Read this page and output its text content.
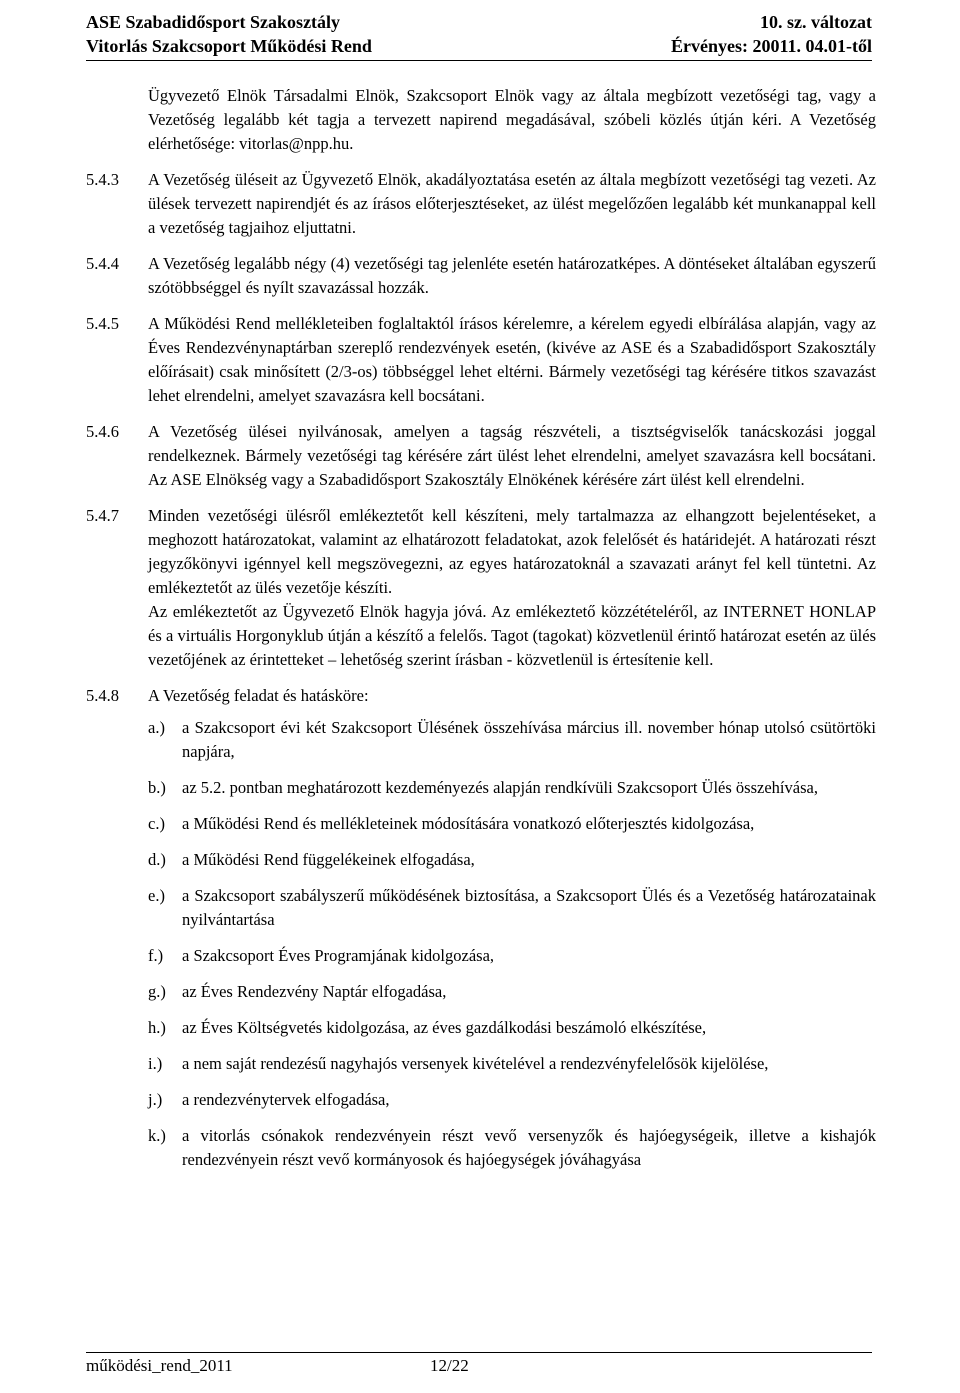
ASE Szabadidősport Szakosztály	10. sz. változat
Vitorlás Szakcsoport Működési Rend	Érvényes: 20011. 04.01-től

Ügyvezető Elnök Társadalmi Elnök, Szakcsoport Elnök vagy az általa megbízott vezetőségi tag, vagy a Vezetőség legalább két tagja a tervezett napirend megadásával, szóbeli közlés útján kéri. A Vezetőség elérhetősége: vitorlas@npp.hu.

5.4.3 A Vezetőség üléseit az Ügyvezető Elnök, akadályoztatása esetén az általa megbízott vezetőségi tag vezeti. Az ülések tervezett napirendjét és az írásos előterjesztéseket, az ülést megelőzően legalább két munkanappal kell a vezetőség tagjaihoz eljuttatni.
5.4.4 A Vezetőség legalább négy (4) vezetőségi tag jelenléte esetén határozatképes. A döntéseket általában egyszerű szótöbbséggel és nyílt szavazással hozzák.
5.4.5 A Működési Rend mellékleteiben foglaltaktól írásos kérelemre, a kérelem egyedi elbírálása alapján, vagy az Éves Rendezvénynaptárban szereplő rendezvények esetén, (kivéve az ASE és a Szabadidősport Szakosztály előírásait) csak minősített (2/3-os) többséggel lehet eltérni. Bármely vezetőségi tag kérésére titkos szavazást lehet elrendelni, amelyet szavazásra kell bocsátani.
5.4.6 A Vezetőség ülései nyilvánosak, amelyen a tagság részvételi, a tisztségviselők tanácskozási joggal rendelkeznek. Bármely vezetőségi tag kérésére zárt ülést lehet elrendelni, amelyet szavazásra kell bocsátani. Az ASE Elnökség vagy a Szabadidősport Szakosztály Elnökének kérésére zárt ülést kell elrendelni.
5.4.7 Minden vezetőségi ülésről emlékeztetőt kell készíteni, mely tartalmazza az elhangzott bejelentéseket, a meghozott határozatokat, valamint az elhatározott feladatokat, azok felelősét és határidejét. A határozati részt jegyzőkönyvi igénnyel kell megszövegezni, az egyes határozatoknál a szavazati arányt fel kell tüntetni. Az emlékeztetőt az ülés vezetője készíti.
Az emlékeztetőt az Ügyvezető Elnök hagyja jóvá. Az emlékeztető közzétételéről, az INTERNET HONLAP és a virtuális Horgonyklub útján a készítő a felelős. Tagot (tagokat) közvetlenül érintő határozat esetén az ülés vezetőjének az érintetteket – lehetőség szerint írásban - közvetlenül is értesítenie kell.
5.4.8 A Vezetőség feladat és hatásköre:
a.) a Szakcsoport évi két Szakcsoport Ülésének összehívása március ill. november hónap utolsó csütörtöki napjára,
b.) az 5.2. pontban meghatározott kezdeményezés alapján rendkívüli Szakcsoport Ülés összehívása,
c.) a Működési Rend és mellékleteinek módosítására vonatkozó előterjesztés kidolgozása,
d.) a Működési Rend függelékeinek elfogadása,
e.) a Szakcsoport szabályszerű működésének biztosítása, a Szakcsoport Ülés és a Vezetőség határozatainak nyilvántartása
f.) a Szakcsoport Éves Programjának kidolgozása,
g.) az Éves Rendezvény Naptár elfogadása,
h.) az Éves Költségvetés kidolgozása, az éves gazdálkodási beszámoló elkészítése,
i.) a nem saját rendezésű nagyhajós versenyek kivételével a rendezvényfelelősök kijelölése,
j.) a rendezvénytervek elfogadása,
k.) a vitorlás csónakok rendezvényein részt vevő versenyzők és hajóegységeik, illetve a kishajók rendezvényein részt vevő kormányosok és hajóegységek jóváhagyása
működési_rend_2011	12/22
